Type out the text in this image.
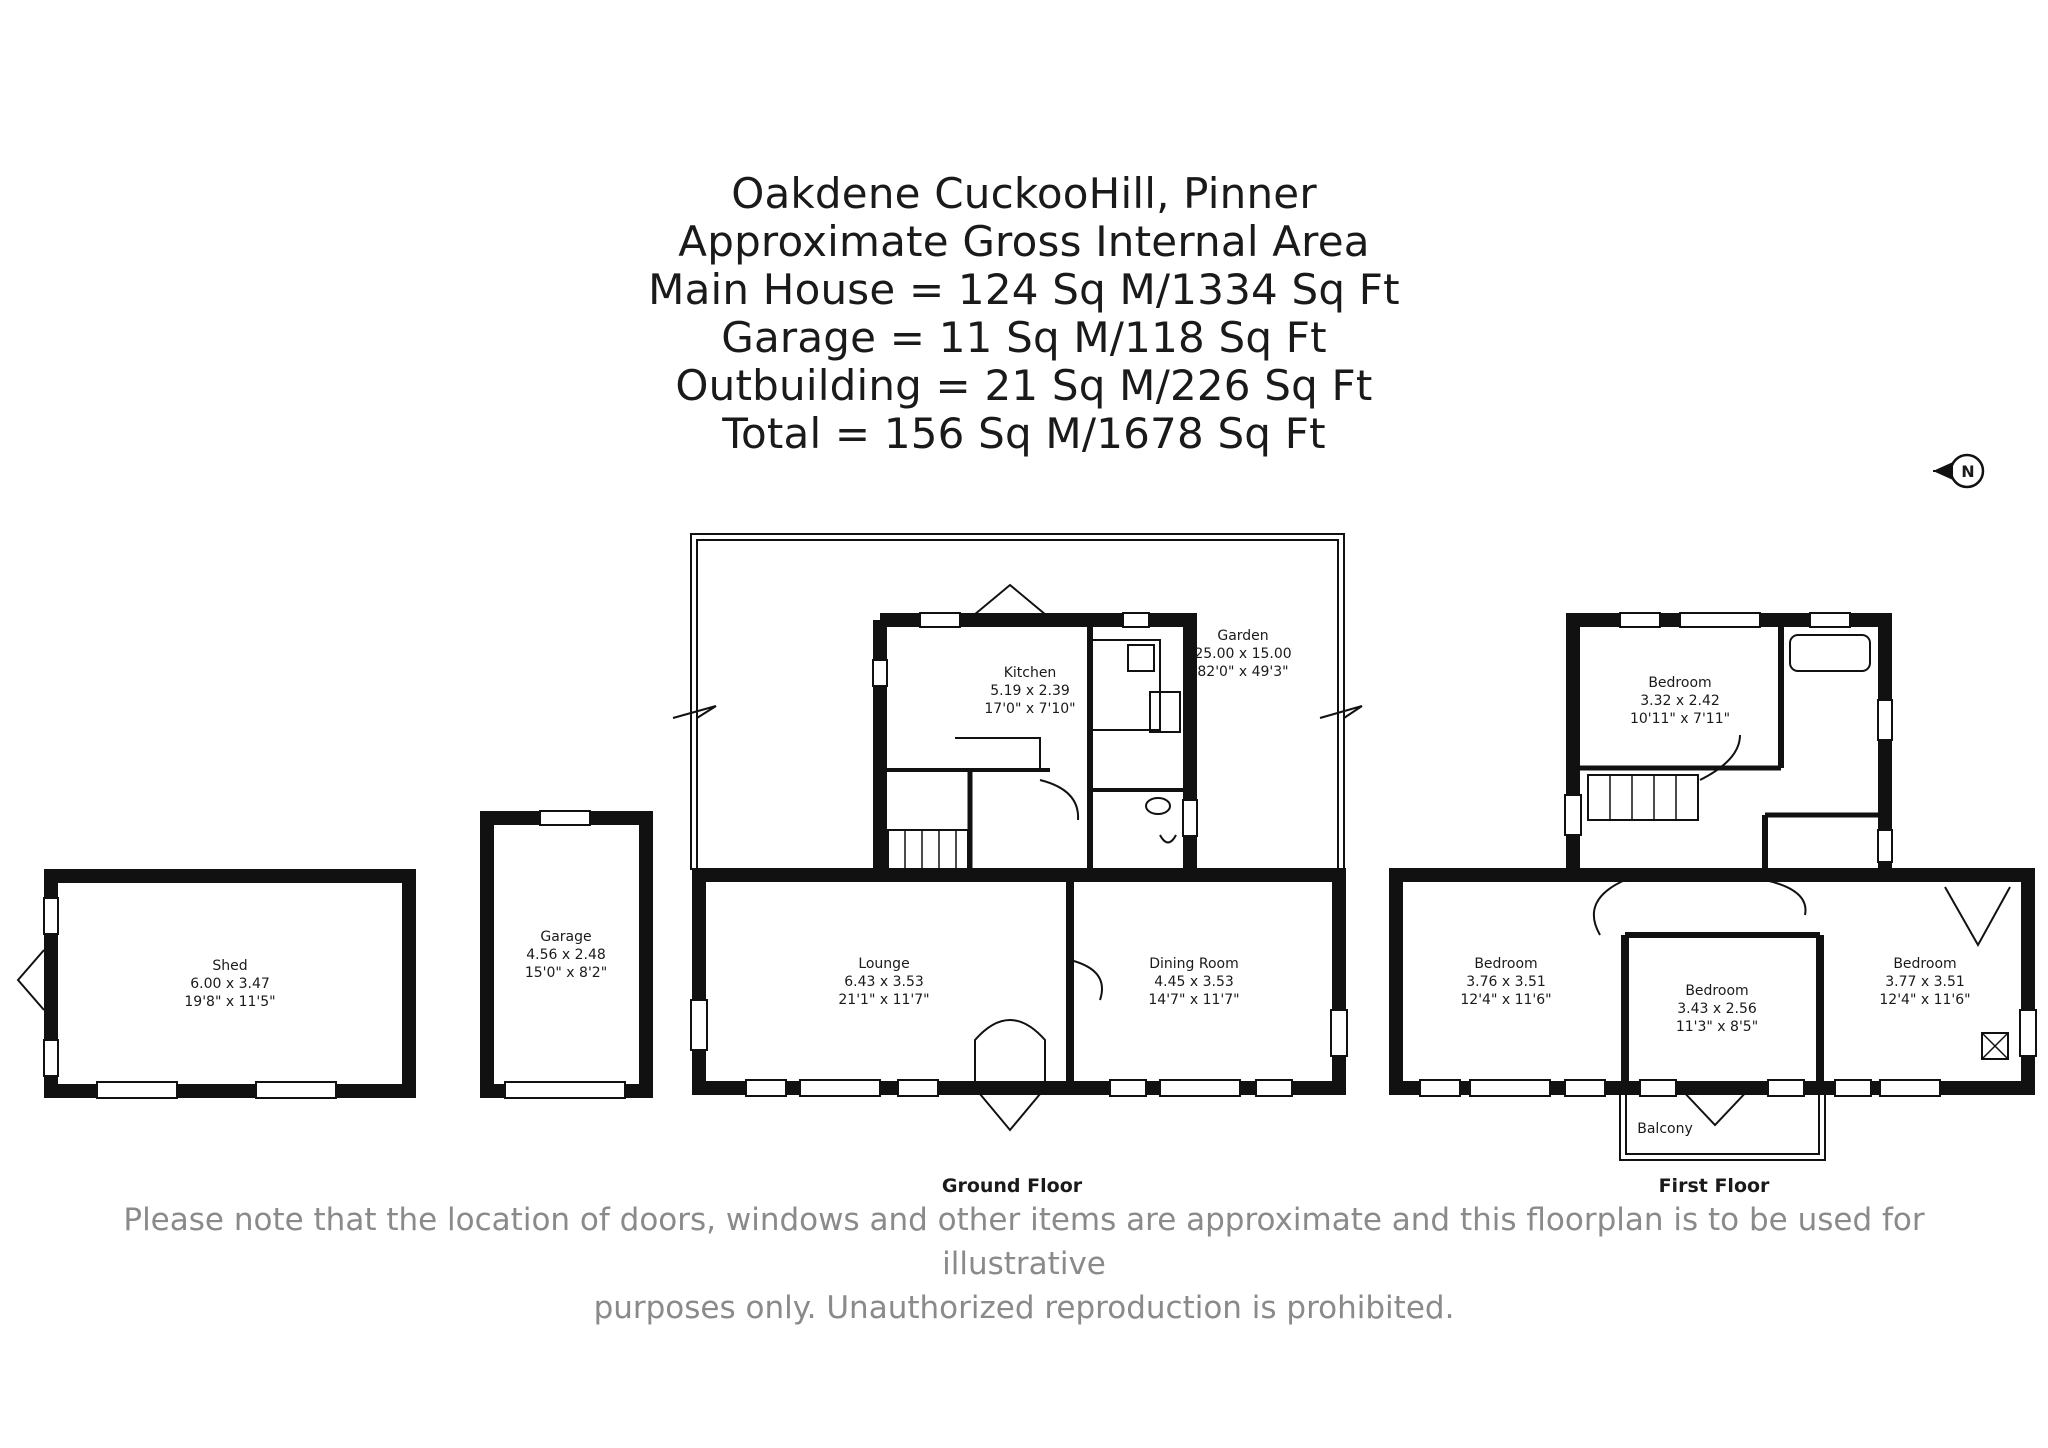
Oakdene CuckooHill, Pinner
Approximate Gross Internal Area
Main House = 124 Sq M/1334 Sq Ft
Garage = 11 Sq M/118 Sq Ft
Outbuilding = 21 Sq M/226 Sq Ft
Total = 156 Sq M/1678 Sq Ft
N
Shed
6.00 x 3.47
19'8" x 11'5"
Garage
4.56 x 2.48
15'0" x 8'2"
Garden
25.00 x 15.00
82'0" x 49'3"
Kitchen
5.19 x 2.39
17'0" x 7'10"
Lounge
6.43 x 3.53
21'1" x 11'7"
Dining Room
4.45 x 3.53
14'7" x 11'7"
Bedroom
3.32 x 2.42
10'11" x 7'11"
Bedroom
3.76 x 3.51
12'4" x 11'6"
Bedroom
3.43 x 2.56
11'3" x 8'5"
Bedroom
3.77 x 3.51
12'4" x 11'6"
Balcony
Ground Floor	First Floor
Please note that the location of doors, windows and other items are approximate and this floorplan is to be used for illustrative
purposes only. Unauthorized reproduction is prohibited.
